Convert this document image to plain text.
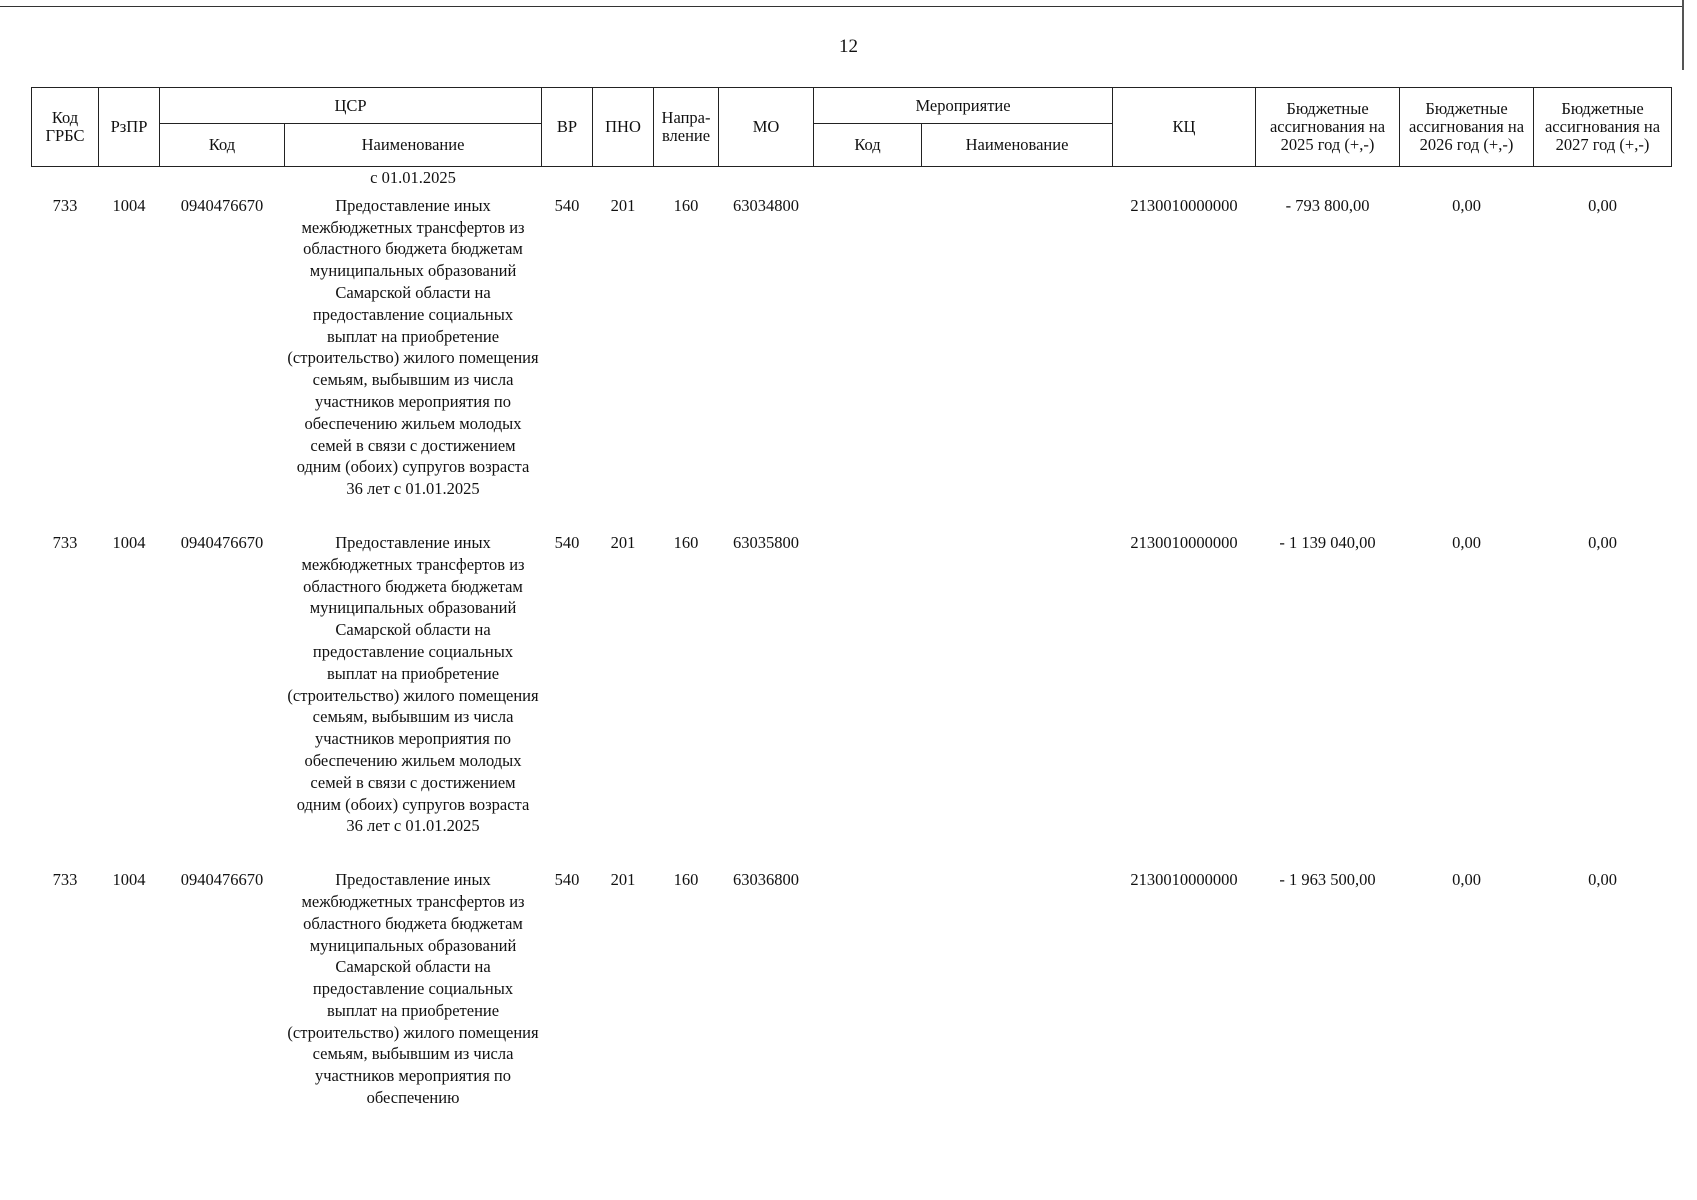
12
Код ГРБС	РзПР	ЦСР		ВР	ПНО	Напра-вление	МО	Мероприятие		КЦ	Бюджетные ассигнования на 2025 год (+,-)	Бюджетные ассигнования на 2026 год (+,-)	Бюджетные ассигнования на 2027 год (+,-)
		Код	Наименование					Код	Наименование				
			с 01.01.2025										
733	1004	0940476670	Предоставление иных межбюджетных трансфертов из областного бюджета бюджетам муниципальных образований Самарской области на предоставление социальных выплат на приобретение (строительство) жилого помещения семьям, выбывшим из числа участников мероприятия по обеспечению жильем молодых семей в связи с достижением одним (обоих) супругов возраста 36 лет с 01.01.2025	540	201	160	63034800			2130010000000	- 793 800,00	0,00	0,00
733	1004	0940476670	Предоставление иных межбюджетных трансфертов из областного бюджета бюджетам муниципальных образований Самарской области на предоставление социальных выплат на приобретение (строительство) жилого помещения семьям, выбывшим из числа участников мероприятия по обеспечению жильем молодых семей в связи с достижением одним (обоих) супругов возраста 36 лет с 01.01.2025	540	201	160	63035800			2130010000000	- 1 139 040,00	0,00	0,00
733	1004	0940476670	Предоставление иных межбюджетных трансфертов из областного бюджета бюджетам муниципальных образований Самарской области на предоставление социальных выплат на приобретение (строительство) жилого помещения семьям, выбывшим из числа участников мероприятия по обеспечению	540	201	160	63036800			2130010000000	- 1 963 500,00	0,00	0,00
